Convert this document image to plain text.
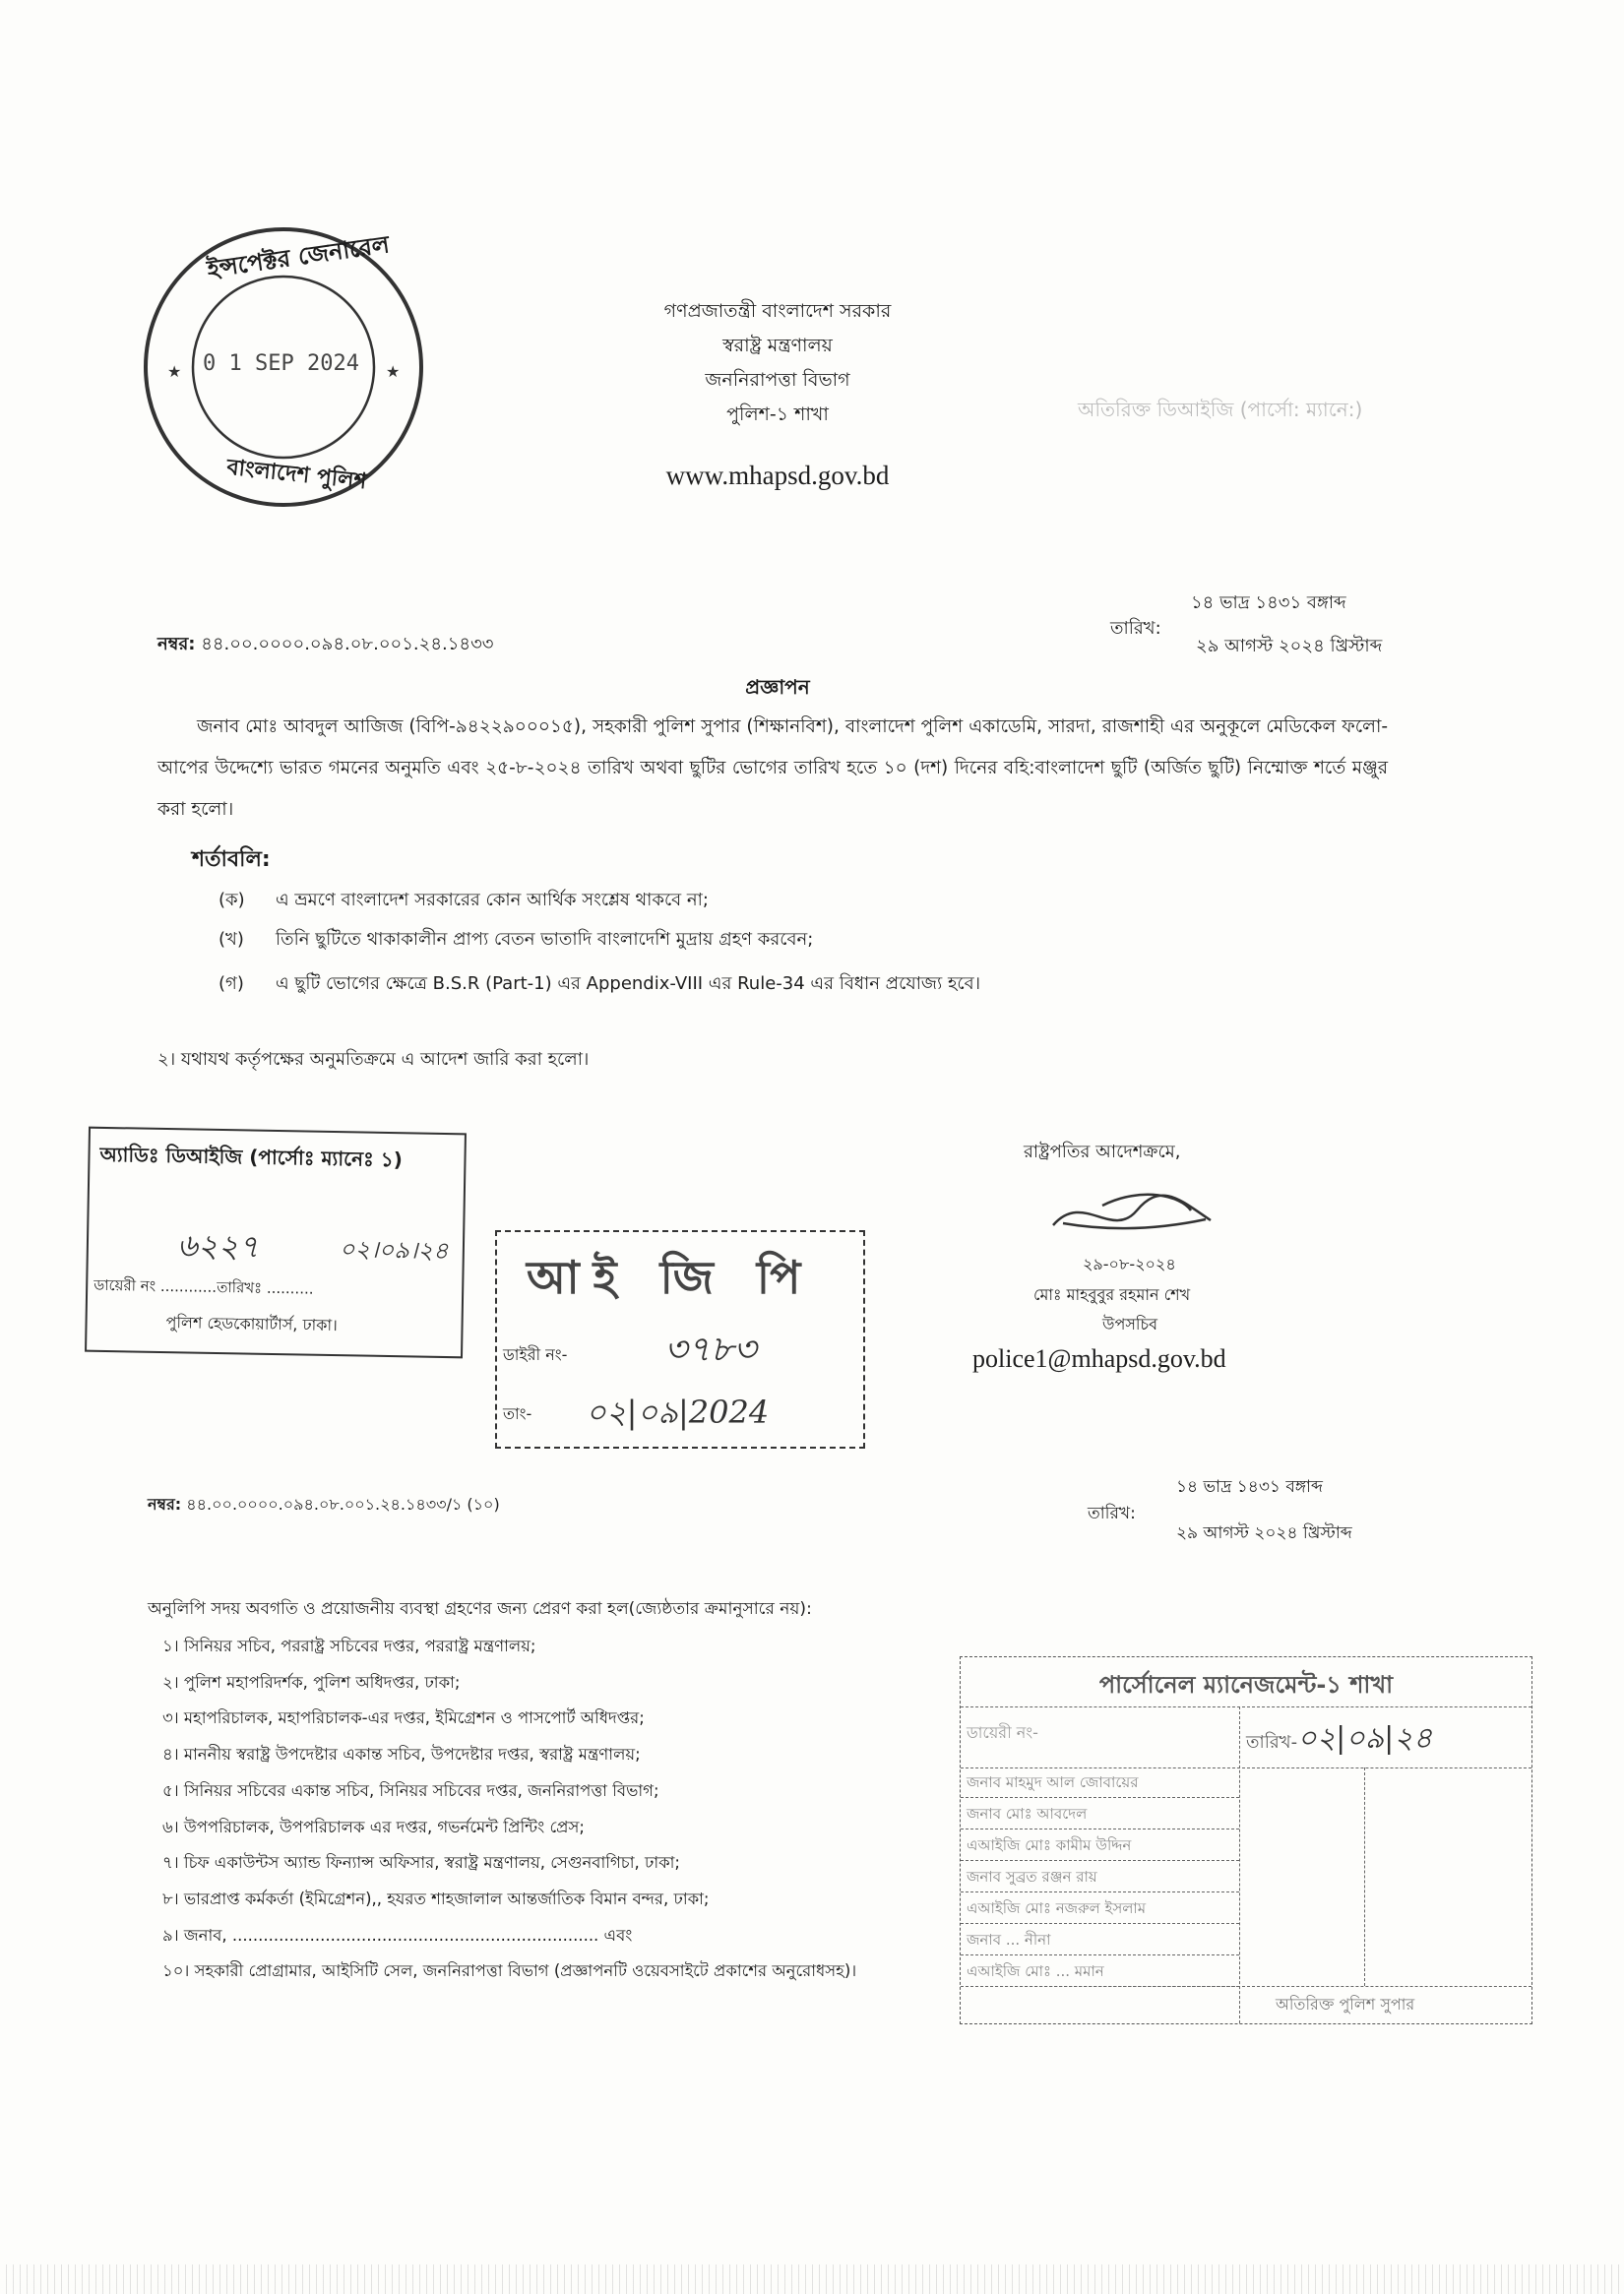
★	★
ইন্সপেক্টর জেনারেল
0 1 SEP 2024
বাংলাদেশ পুলিশ
গণপ্রজাতন্ত্রী বাংলাদেশ সরকার
স্বরাষ্ট্র মন্ত্রণালয়
জননিরাপত্তা বিভাগ
পুলিশ-১ শাখা
www.mhapsd.gov.bd
অতিরিক্ত ডিআইজি (পার্সো: ম্যানে:)
নম্বর: ৪৪.০০.০০০০.০৯৪.০৮.০০১.২৪.১৪৩৩
১৪ ভাদ্র ১৪৩১ বঙ্গাব্দ
তারিখ:
২৯ আগস্ট ২০২৪ খ্রিস্টাব্দ
প্রজ্ঞাপন
জনাব মোঃ আবদুল আজিজ (বিপি-৯৪২২৯০০০১৫), সহকারী পুলিশ সুপার (শিক্ষানবিশ), বাংলাদেশ পুলিশ একাডেমি, সারদা, রাজশাহী এর অনুকূলে মেডিকেল ফলো-আপের উদ্দেশ্যে ভারত গমনের অনুমতি এবং ২৫-৮-২০২৪ তারিখ অথবা ছুটির ভোগের তারিখ হতে ১০ (দশ) দিনের বহি:বাংলাদেশ ছুটি (অর্জিত ছুটি) নিম্মোক্ত শর্তে মঞ্জুর করা হলো।
শর্তাবলি:
(ক) এ ভ্রমণে বাংলাদেশ সরকারের কোন আর্থিক সংশ্লেষ থাকবে না;
(খ) তিনি ছুটিতে থাকাকালীন প্রাপ্য বেতন ভাতাদি বাংলাদেশি মুদ্রায় গ্রহণ করবেন;
(গ) এ ছুটি ভোগের ক্ষেত্রে B.S.R (Part-1) এর Appendix-VIII এর Rule-34 এর বিধান প্রযোজ্য হবে।
২। যথাযথ কর্তৃপক্ষের অনুমতিক্রমে এ আদেশ জারি করা হলো।
অ্যাডিঃ ডিআইজি (পার্সোঃ ম্যানেঃ ১)
৬২২৭	০২।০৯।২৪
ডায়েরী নং ............তারিখঃ ..........
পুলিশ হেডকোয়ার্টার্স, ঢাকা।
আই জি পি
ডাইরী নং-	৩৭৮৩
তাং- ০২|০৯|2024
রাষ্ট্রপতির আদেশক্রমে,
২৯-০৮-২০২৪
মোঃ মাহবুবুর রহমান শেখ
উপসচিব
police1@mhapsd.gov.bd
নম্বর: ৪৪.০০.০০০০.০৯৪.০৮.০০১.২৪.১৪৩৩/১ (১০)
১৪ ভাদ্র ১৪৩১ বঙ্গাব্দ
তারিখ:
২৯ আগস্ট ২০২৪ খ্রিস্টাব্দ
অনুলিপি সদয় অবগতি ও প্রয়োজনীয় ব্যবস্থা গ্রহণের জন্য প্রেরণ করা হল(জ্যেষ্ঠতার ক্রমানুসারে নয়):
১। সিনিয়র সচিব, পররাষ্ট্র সচিবের দপ্তর, পররাষ্ট্র মন্ত্রণালয়;
২। পুলিশ মহাপরিদর্শক, পুলিশ অধিদপ্তর, ঢাকা;
৩। মহাপরিচালক, মহাপরিচালক-এর দপ্তর, ইমিগ্রেশন ও পাসপোর্ট অধিদপ্তর;
৪। মাননীয় স্বরাষ্ট্র উপদেষ্টার একান্ত সচিব, উপদেষ্টার দপ্তর, স্বরাষ্ট্র মন্ত্রণালয়;
৫। সিনিয়র সচিবের একান্ত সচিব, সিনিয়র সচিবের দপ্তর, জননিরাপত্তা বিভাগ;
৬। উপপরিচালক, উপপরিচালক এর দপ্তর, গভর্নমেন্ট প্রিন্টিং প্রেস;
৭। চিফ একাউন্টস অ্যান্ড ফিন্যান্স অফিসার, স্বরাষ্ট্র মন্ত্রণালয়, সেগুনবাগিচা, ঢাকা;
৮। ভারপ্রাপ্ত কর্মকর্তা (ইমিগ্রেশন),, হযরত শাহজালাল আন্তর্জাতিক বিমান বন্দর, ঢাকা;
৯। জনাব, ....................................................................... এবং
১০। সহকারী প্রোগ্রামার, আইসিটি সেল, জননিরাপত্তা বিভাগ (প্রজ্ঞাপনটি ওয়েবসাইটে প্রকাশের অনুরোধসহ)।
পার্সোনেল ম্যানেজমেন্ট-১ শাখা
ডায়েরী নং-	তারিখ-০২|০৯|২৪
জনাব মাহমুদ আল জোবায়ের
জনাব মোঃ আবদেল
এআইজি মোঃ কামীম উদ্দিন
জনাব সুব্রত রঞ্জন রায়
এআইজি মোঃ নজরুল ইসলাম
জনাব ... নীনা
এআইজি মোঃ ... মমান
অতিরিক্ত পুলিশ সুপার
